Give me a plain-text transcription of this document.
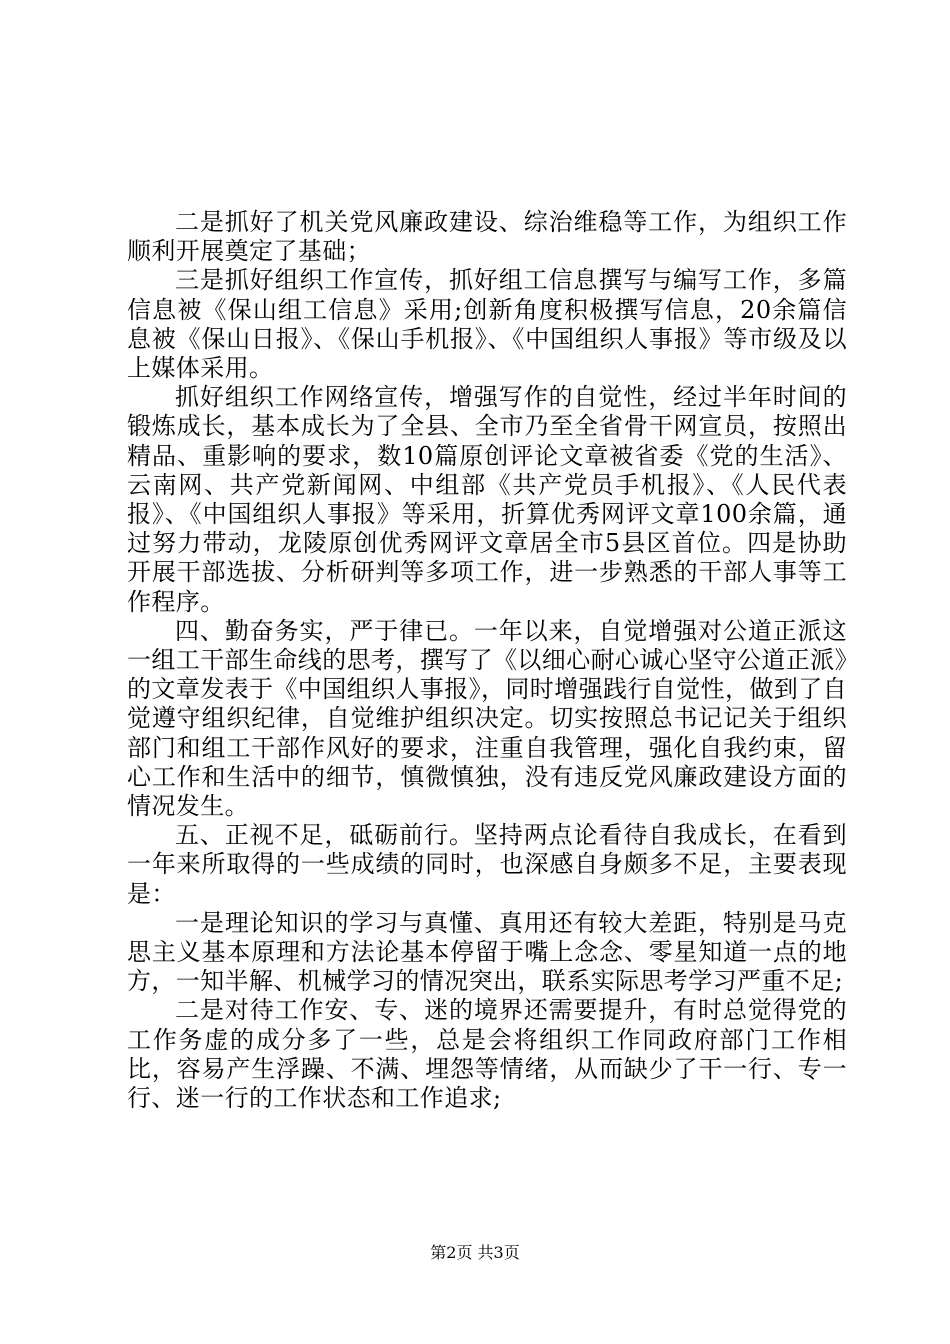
二是抓好了机关党风廉政建设、综治维稳等工作，为组织工作顺利开展奠定了基础；

三是抓好组织工作宣传，抓好组工信息撰写与编写工作，多篇信息被《保山组工信息》采用;创新角度积极撰写信息，20余篇信息被《保山日报》、《保山手机报》、《中国组织人事报》等市级及以上媒体采用。

抓好组织工作网络宣传，增强写作的自觉性，经过半年时间的锻炼成长，基本成长为了全县、全市乃至全省骨干网宣员，按照出精品、重影响的要求，数10篇原创评论文章被省委《党的生活》、云南网、共产党新闻网、中组部《共产党员手机报》、《人民代表报》、《中国组织人事报》等采用，折算优秀网评文章100余篇，通过努力带动，龙陵原创优秀网评文章居全市5县区首位。四是协助开展干部选拔、分析研判等多项工作，进一步熟悉的干部人事等工作程序。

四、勤奋务实，严于律已。一年以来，自觉增强对公道正派这一组工干部生命线的思考，撰写了《以细心耐心诚心坚守公道正派》的文章发表于《中国组织人事报》，同时增强践行自觉性，做到了自觉遵守组织纪律，自觉维护组织决定。切实按照总书记记关于组织部门和组工干部作风好的要求，注重自我管理，强化自我约束，留心工作和生活中的细节，慎微慎独，没有违反党风廉政建设方面的情况发生。

五、正视不足，砥砺前行。坚持两点论看待自我成长，在看到一年来所取得的一些成绩的同时，也深感自身颇多不足，主要表现是：

一是理论知识的学习与真懂、真用还有较大差距，特别是马克思主义基本原理和方法论基本停留于嘴上念念、零星知道一点的地方，一知半解、机械学习的情况突出，联系实际思考学习严重不足;

二是对待工作安、专、迷的境界还需要提升，有时总觉得党的工作务虚的成分多了一些，总是会将组织工作同政府部门工作相比，容易产生浮躁、不满、埋怨等情绪，从而缺少了干一行、专一行、迷一行的工作状态和工作追求;

第2页 共3页
